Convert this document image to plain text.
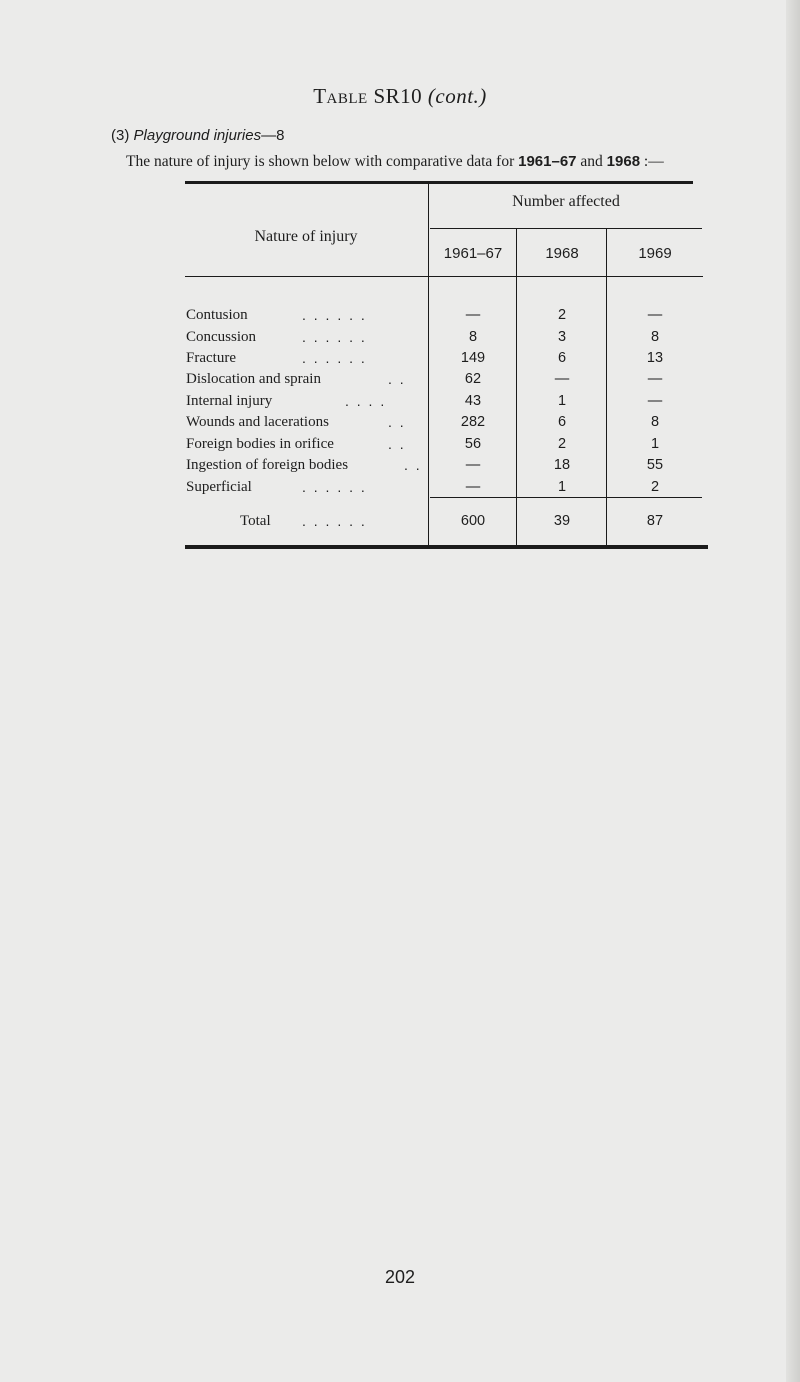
Table SR10 (cont.)
(3) Playground injuries—8
The nature of injury is shown below with comparative data for 1961–67 and 1968 :—
Nature of injury
Number affected
1961–67	1968	1969
Contusion	. . . . . .	—	2	—
Concussion	. . . . . .	8	3	8
Fracture	. . . . . .	149	6	13
Dislocation and sprain	. .	62	—	—
Internal injury	. . . .	43	1	—
Wounds and lacerations	. .	282	6	8
Foreign bodies in orifice	. .	56	2	1
Ingestion of foreign bodies	. .	—	18	55
Superficial	. . . . . .	—	1	2
Total . . . . . .	600	39	87
202
